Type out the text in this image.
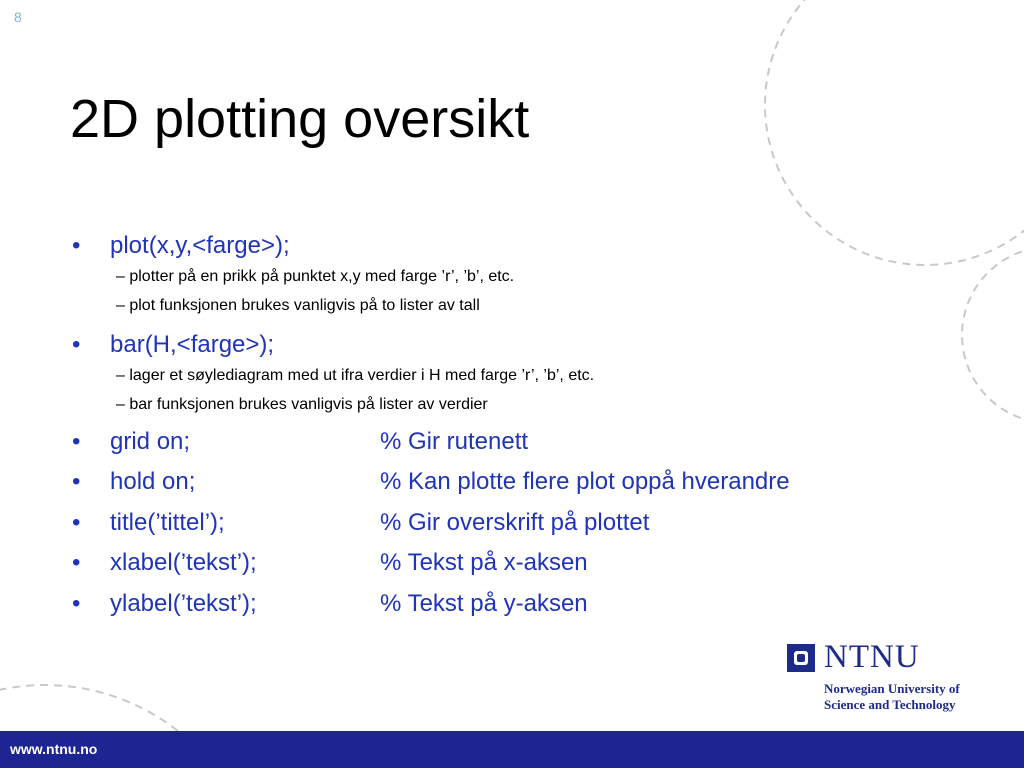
8
2D plotting oversikt
• plot(x,y,<farge>);
– plotter på en prikk på punktet x,y med farge ’r’, ’b’, etc.
– plot funksjonen brukes vanligvis på to lister av tall
• bar(H,<farge>);
– lager et søylediagram med ut ifra verdier i H med farge ’r’, ’b’, etc.
– bar funksjonen brukes vanligvis på lister av verdier
• grid on;	% Gir rutenett
• hold on;	% Kan plotte flere plot oppå hverandre
• title(’tittel’);	% Gir overskrift på plottet
• xlabel(’tekst’);	% Tekst på x-aksen
• ylabel(’tekst’);	% Tekst på y-aksen
NTNU
Norwegian University of
Science and Technology
www.ntnu.no
